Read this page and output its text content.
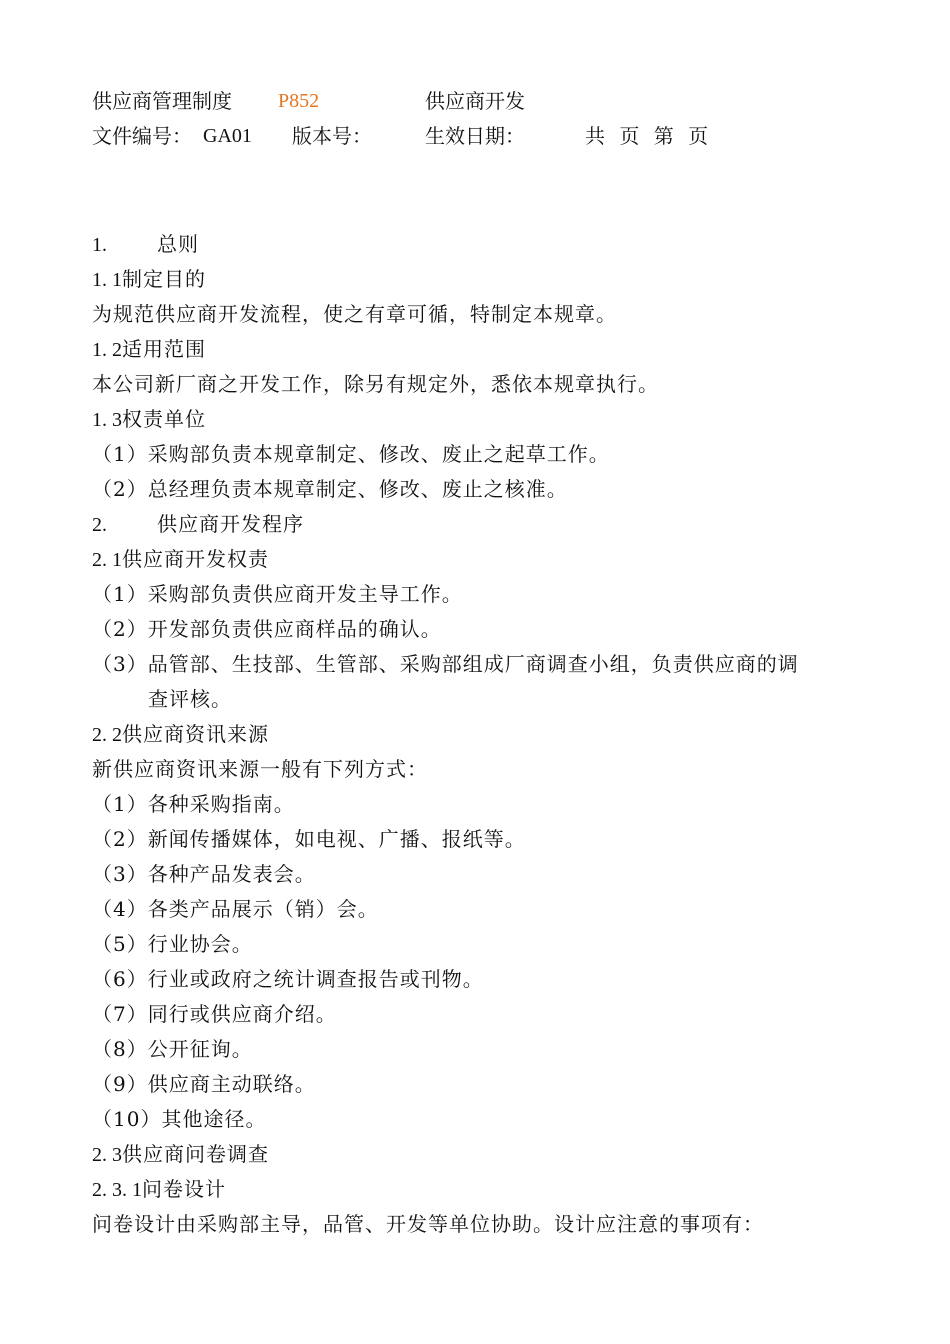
供应商管理制度 P852	供应商开发
文件编号： GA01 版本号：	生效日期：	共 页 第 页
1.	总则
1. 1制定目的
为规范供应商开发流程，使之有章可循，特制定本规章。
1. 2适用范围
本公司新厂商之开发工作，除另有规定外，悉依本规章执行。
1. 3权责单位
（1）采购部负责本规章制定、修改、废止之起草工作。
（2）总经理负责本规章制定、修改、废止之核准。
2.	供应商开发程序
2. 1供应商开发权责
（1）采购部负责供应商开发主导工作。
（2）开发部负责供应商样品的确认。
（3）品管部、生技部、生管部、采购部组成厂商调查小组，负责供应商的调
查评核。
2. 2供应商资讯来源
新供应商资讯来源一般有下列方式：
（1）各种采购指南。
（2）新闻传播媒体，如电视、广播、报纸等。
（3）各种产品发表会。
（4）各类产品展示（销）会。
（5）行业协会。
（6）行业或政府之统计调查报告或刊物。
（7）同行或供应商介绍。
（8）公开征询。
（9）供应商主动联络。
（10）其他途径。
2. 3供应商问卷调查
2. 3. 1问卷设计
问卷设计由采购部主导，品管、开发等单位协助。设计应注意的事项有：
